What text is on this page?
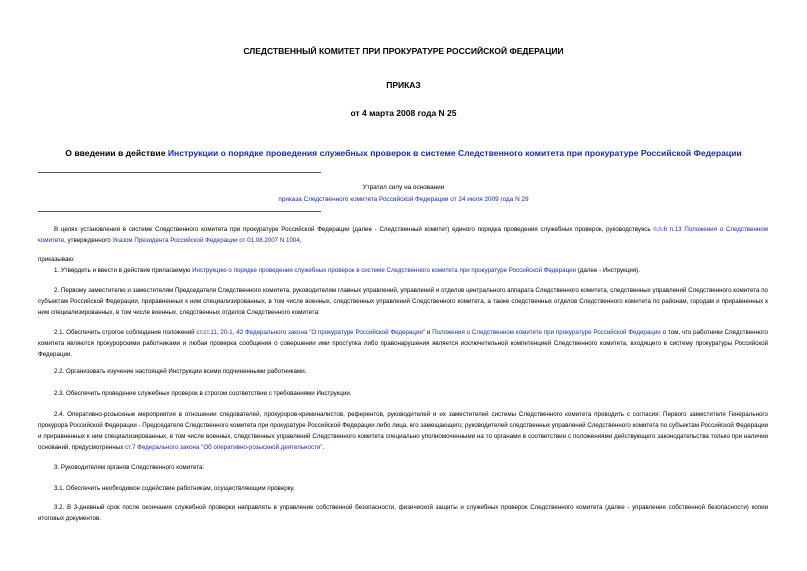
СЛЕДСТВЕННЫЙ КОМИТЕТ ПРИ ПРОКУРАТУРЕ РОССИЙСКОЙ ФЕДЕРАЦИИ
ПРИКАЗ
от 4 марта 2008 года N 25
О введении в действие Инструкции о порядке проведения служебных проверок в системе Следственного комитета при прокуратуре Российской Федерации
Утратил силу на основании
приказа Следственного комитета Российской Федерации от 24 июля 2009 года N 29

В целях установления в системе Следственного комитета при прокуратуре Российской Федерации (далее - Следственный комитет) единого порядка проведения служебных проверок, руководствуясь п.п.6 п.13 Положения о Следственном комитете, утвержденного Указом Президента Российской Федерации от 01.08.2007 N 1004,

приказываю:

1. Утвердить и ввести в действие прилагаемую Инструкцию о порядке проведения служебных проверок в системе Следственного комитета при прокуратуре Российской Федерации (далее - Инструкция).

2. Первому заместителю и заместителям Председателя Следственного комитета, руководителям главных управлений, управлений и отделов центрального аппарата Следственного комитета, следственных управлений Следственного комитета по субъектам Российской Федерации, приравненных к ним специализированных, в том числе военных, следственных управлений Следственного комитета, а также следственных отделов Следственного комитета по районам, городам и приравненных к ним специализированных, в том числе военных, следственных отделов Следственного комитета:

2.1. Обеспечить строгое соблюдение положений ст.ст.11, 20-1, 42 Федерального закона "О прокуратуре Российской Федерации" и Положения о Следственном комитете при прокуратуре Российской Федерации о том, что работники Следственного комитета являются прокурорскими работниками и любая проверка сообщения о совершении ими проступка либо правонарушения является исключительной компетенцией Следственного комитета, входящего в систему прокуратуры Российской Федерации.

2.2. Организовать изучение настоящей Инструкции всеми подчиненными работниками.

2.3. Обеспечить проведение служебных проверок в строгом соответствии с требованиями Инструкции.

2.4. Оперативно-розыскные мероприятия в отношении следователей, прокуроров-криминалистов, референтов, руководителей и их заместителей системы Следственного комитета проводить с согласия: Первого заместителя Генерального прокурора Российской Федерации - Председателя Следственного комитета при прокуратуре Российской Федерации либо лица, его замещающего; руководителей следственных управлений Следственного комитета по субъектам Российской Федерации и приравненных к ним специализированных, в том числе военных, следственных управлений Следственного комитета специально уполномоченными на то органами в соответствии с положениями действующего законодательства только при наличии оснований, предусмотренных ст.7 Федерального закона "Об оперативно-розыскной деятельности".

3. Руководителям органов Следственного комитета:

3.1. Обеспечить необходимое содействие работникам, осуществляющим проверку.

3.2. В 3-дневный срок после окончания служебной проверки направлять в управление собственной безопасности, физической защиты и служебных проверок Следственного комитета (далее - управление собственной безопасности) копии итоговых документов.
